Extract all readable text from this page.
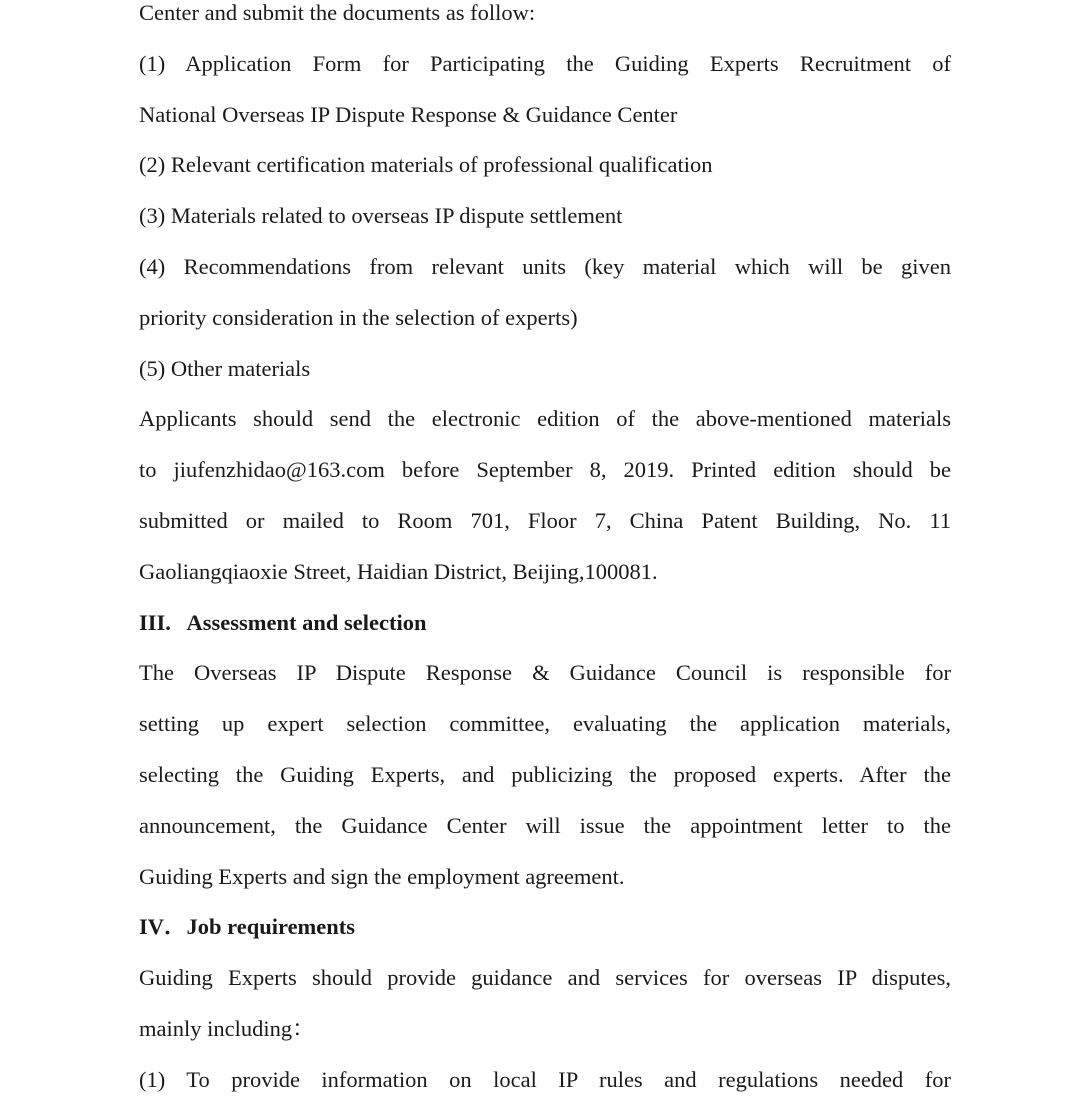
Center and submit the documents as follow:
(1) Application Form for Participating the Guiding Experts Recruitment of
National Overseas IP Dispute Response & Guidance Center
(2) Relevant certification materials of professional qualification
(3) Materials related to overseas IP dispute settlement
(4) Recommendations from relevant units (key material which will be given
priority consideration in the selection of experts)
(5) Other materials
Applicants should send the electronic edition of the above-mentioned materials
to jiufenzhidao@163.com before September 8, 2019. Printed edition should be
submitted or mailed to Room 701, Floor 7, China Patent Building, No. 11
Gaoliangqiaoxie Street, Haidian District, Beijing,100081.
III.   Assessment and selection
The Overseas IP Dispute Response & Guidance Council is responsible for
setting up expert selection committee, evaluating the application materials,
selecting the Guiding Experts, and publicizing the proposed experts. After the
announcement, the Guidance Center will issue the appointment letter to the
Guiding Experts and sign the employment agreement.
IV．Job requirements
Guiding Experts should provide guidance and services for overseas IP disputes,
mainly including：
(1) To provide information on local IP rules and regulations needed for
